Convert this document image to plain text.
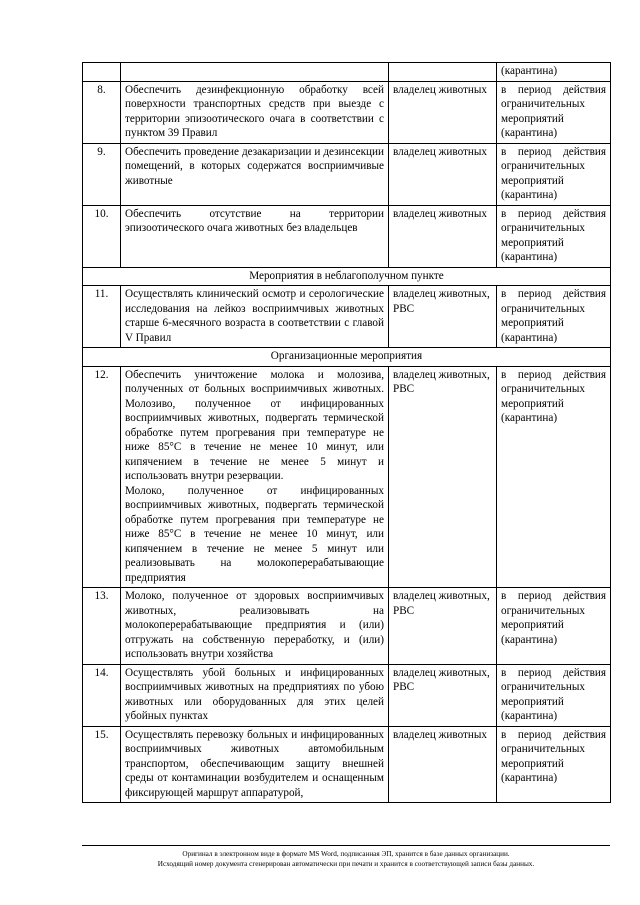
			(карантина)
8.	Обеспечить дезинфекционную обработку всей поверхности транспортных средств при выезде с территории эпизоотического очага в соответствии с пунктом 39 Правил	владелец животных	в период действия ограничительных мероприятий (карантина)
9.	Обеспечить проведение дезакаризации и дезинсекции помещений, в которых содержатся восприимчивые животные	владелец животных	в период действия ограничительных мероприятий (карантина)
10.	Обеспечить отсутствие на территории эпизоотического очага животных без владельцев	владелец животных	в период действия ограничительных мероприятий (карантина)
Мероприятия в неблагополучном пункте			
11.	Осуществлять клинический осмотр и серологические исследования на лейкоз восприимчивых животных старше 6-месячного возраста в соответствии с главой V Правил	владелец животных, РВС	в период действия ограничительных мероприятий (карантина)
Организационные мероприятия			
12.	Обеспечить уничтожение молока и молозива, полученных от больных восприимчивых животных. Молозиво, полученное от инфицированных восприимчивых животных, подвергать термической обработке путем прогревания при температуре не ниже 85°С в течение не менее 10 минут, или кипячением в течение не менее 5 минут и использовать внутри резервации.

Молоко, полученное от инфицированных восприимчивых животных, подвергать термической обработке путем прогревания при температуре не ниже 85°С в течение не менее 10 минут, или кипячением в течение не менее 5 минут или реализовывать на молокоперерабатывающие предприятия	владелец животных, РВС	в период действия ограничительных мероприятий (карантина)
13.	Молоко, полученное от здоровых восприимчивых животных, реализовывать на молокоперерабатывающие предприятия и (или) отгружать на собственную переработку, и (или) использовать внутри хозяйства	владелец животных, РВС	в период действия ограничительных мероприятий (карантина)
14.	Осуществлять убой больных и инфицированных восприимчивых животных на предприятиях по убою животных или оборудованных для этих целей убойных пунктах	владелец животных, РВС	в период действия ограничительных мероприятий (карантина)
15.	Осуществлять перевозку больных и инфицированных восприимчивых животных автомобильным транспортом, обеспечивающим защиту внешней среды от контаминации возбудителем и оснащенным фиксирующей маршрут аппаратурой,	владелец животных	в период действия ограничительных мероприятий (карантина)
Оригинал в электронном виде в формате MS Word, подписанная ЭП, хранится в базе данных организации.
Исходящий номер документа сгенерирован автоматически при печати и хранится в соответствующей записи базы данных.
